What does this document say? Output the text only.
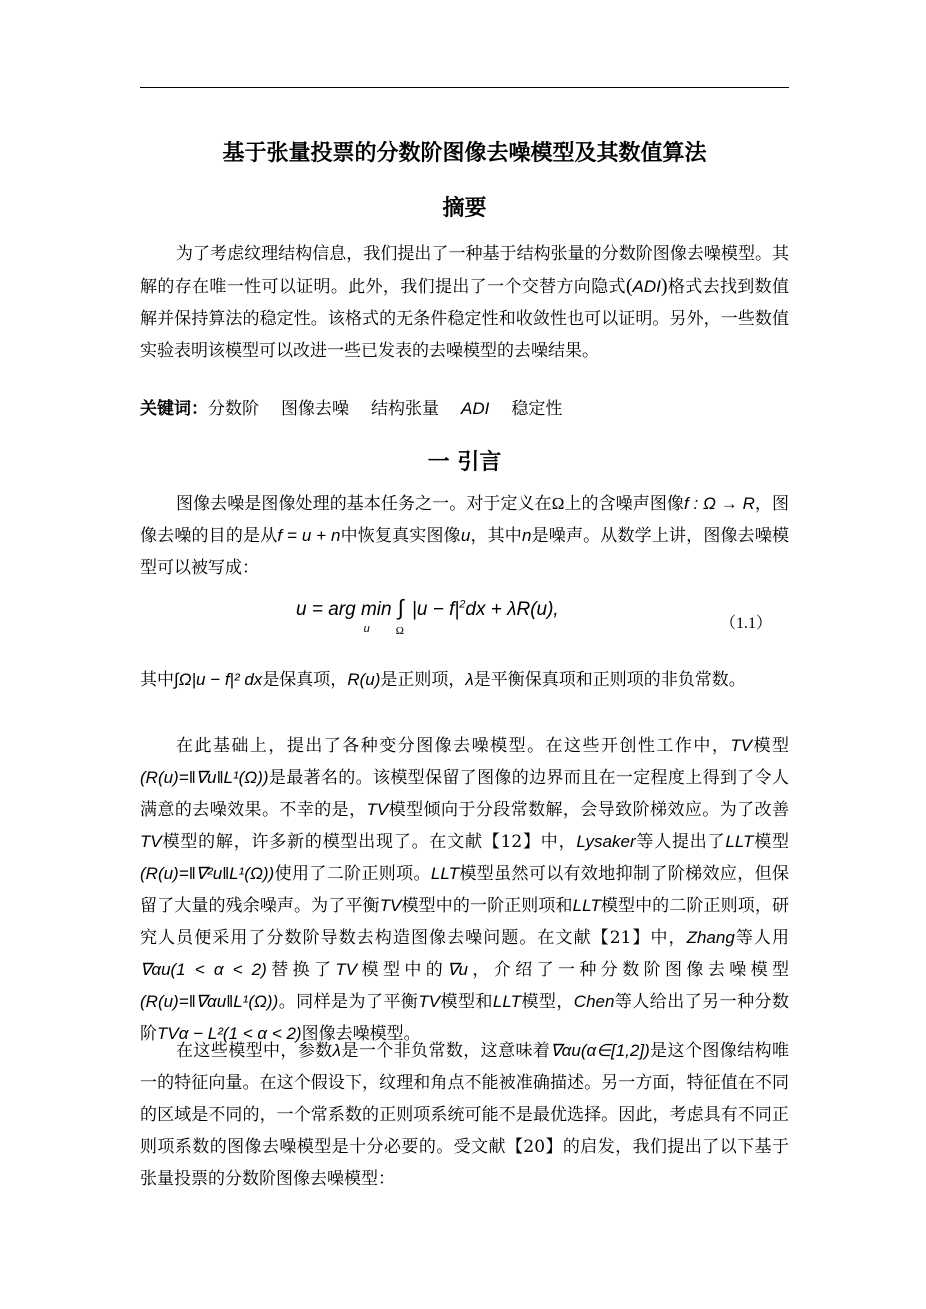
基于张量投票的分数阶图像去噪模型及其数值算法
摘要
为了考虑纹理结构信息，我们提出了一种基于结构张量的分数阶图像去噪模型。其解的存在唯一性可以证明。此外，我们提出了一个交替方向隐式(ADI)格式去找到数值解并保持算法的稳定性。该格式的无条件稳定性和收敛性也可以证明。另外，一些数值实验表明该模型可以改进一些已发表的去噪模型的去噪结果。
关键词：分数阶 图像去噪 结构张量 ADI 稳定性
一 引言
图像去噪是图像处理的基本任务之一。对于定义在Ω上的含噪声图像f : Ω → R，图像去噪的目的是从f = u + n中恢复真实图像u，其中n是噪声。从数学上讲，图像去噪模型可以被写成：
u = arg $\min_u\int_\Omega|u - f|^2dx + \lambda R(u)$,
（1.1）
其中∫Ω|u − f|² dx是保真项，R(u)是正则项，λ是平衡保真项和正则项的非负常数。
在此基础上，提出了各种变分图像去噪模型。在这些开创性工作中，TV模型(R(u)=‖∇u‖L¹(Ω))是最著名的。该模型保留了图像的边界而且在一定程度上得到了令人满意的去噪效果。不幸的是，TV模型倾向于分段常数解，会导致阶梯效应。为了改善TV模型的解，许多新的模型出现了。在文献【12】中，Lysaker等人提出了LLT模型(R(u)=‖∇²u‖L¹(Ω))使用了二阶正则项。LLT模型虽然可以有效地抑制了阶梯效应，但保留了大量的残余噪声。为了平衡TV模型中的一阶正则项和LLT模型中的二阶正则项，研究人员便采用了分数阶导数去构造图像去噪问题。在文献【21】中，Zhang等人用∇αu(1 < α < 2)替换了TV模型中的∇u，介绍了一种分数阶图像去噪模型(R(u)=‖∇αu‖L¹(Ω))。同样是为了平衡TV模型和LLT模型，Chen等人给出了另一种分数阶TVα − L²(1 < α < 2)图像去噪模型。
在这些模型中，参数λ是一个非负常数，这意味着∇αu(α∈[1,2])是这个图像结构唯一的特征向量。在这个假设下，纹理和角点不能被准确描述。另一方面，特征值在不同的区域是不同的，一个常系数的正则项系统可能不是最优选择。因此，考虑具有不同正则项系数的图像去噪模型是十分必要的。受文献【20】的启发，我们提出了以下基于张量投票的分数阶图像去噪模型：
